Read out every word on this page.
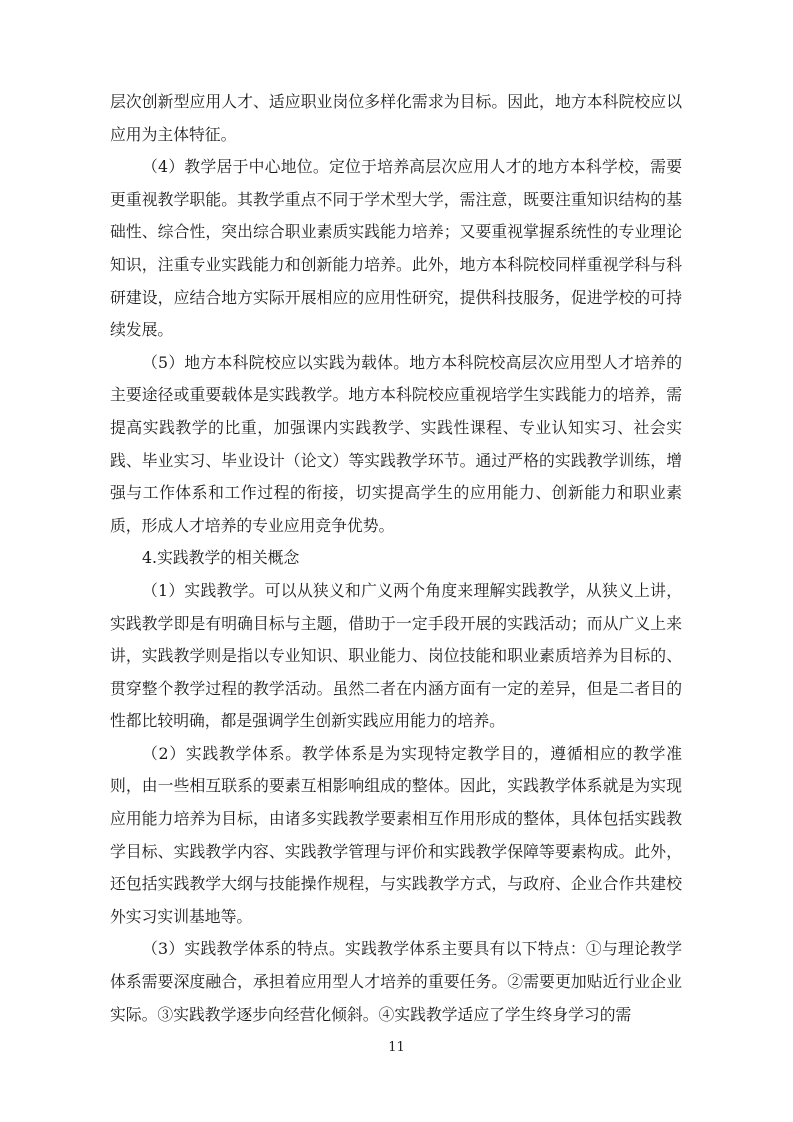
层次创新型应用人才、适应职业岗位多样化需求为目标。因此，地方本科院校应以应用为主体特征。

（4）教学居于中心地位。定位于培养高层次应用人才的地方本科学校，需要更重视教学职能。其教学重点不同于学术型大学，需注意，既要注重知识结构的基础性、综合性，突出综合职业素质实践能力培养；又要重视掌握系统性的专业理论知识，注重专业实践能力和创新能力培养。此外，地方本科院校同样重视学科与科研建设，应结合地方实际开展相应的应用性研究，提供科技服务，促进学校的可持续发展。

（5）地方本科院校应以实践为载体。地方本科院校高层次应用型人才培养的主要途径或重要载体是实践教学。地方本科院校应重视培学生实践能力的培养，需提高实践教学的比重，加强课内实践教学、实践性课程、专业认知实习、社会实践、毕业实习、毕业设计（论文）等实践教学环节。通过严格的实践教学训练，增强与工作体系和工作过程的衔接，切实提高学生的应用能力、创新能力和职业素质，形成人才培养的专业应用竞争优势。

4.实践教学的相关概念

（1）实践教学。可以从狭义和广义两个角度来理解实践教学，从狭义上讲，实践教学即是有明确目标与主题，借助于一定手段开展的实践活动；而从广义上来讲，实践教学则是指以专业知识、职业能力、岗位技能和职业素质培养为目标的、贯穿整个教学过程的教学活动。虽然二者在内涵方面有一定的差异，但是二者目的性都比较明确，都是强调学生创新实践应用能力的培养。

（2）实践教学体系。教学体系是为实现特定教学目的，遵循相应的教学准则，由一些相互联系的要素互相影响组成的整体。因此，实践教学体系就是为实现应用能力培养为目标，由诸多实践教学要素相互作用形成的整体，具体包括实践教学目标、实践教学内容、实践教学管理与评价和实践教学保障等要素构成。此外，还包括实践教学大纲与技能操作规程，与实践教学方式，与政府、企业合作共建校外实习实训基地等。

（3）实践教学体系的特点。实践教学体系主要具有以下特点：①与理论教学体系需要深度融合，承担着应用型人才培养的重要任务。②需要更加贴近行业企业实际。③实践教学逐步向经营化倾斜。④实践教学适应了学生终身学习的需

11
